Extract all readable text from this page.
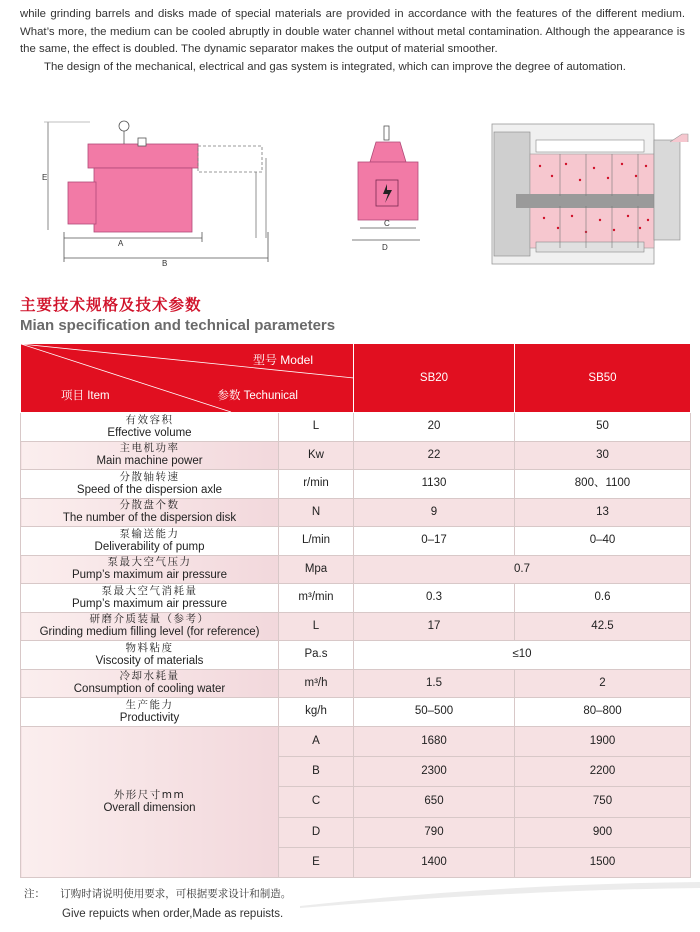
while grinding barrels and disks made of special materials are provided in accordance with the features of the different medium. What’s more, the medium can be cooled abruptly in double water channel without metal contamination. Although the appearance is the same, the effect is doubled. The dynamic separator makes the output of material smoother.

The design of the mechanical, electrical and gas system is integrated, which can improve the degree of automation.

E
A
B
C
D
主要技术规格及技术参数
Mian specification and technical parameters
型号 Model
项目 Item 参数 Techunical		SB20	SB50

有效容积
Effective volume	L	20	50

主电机功率
Main machine power	Kw	22	30

分散轴转速
Speed of the dispersion axle	r/min	1130	800、1100

分散盘个数
The number of the dispersion disk	N	9	13

泵输送能力
Deliverability of pump	L/min	0–17	0–40

泵最大空气压力
Pump’s maximum air pressure	Mpa	0.7	

泵最大空气消耗量
Pump’s maximum air pressure	m³/min	0.3	0.6

研磨介质装量（参考）
Grinding medium filling level (for reference)	L	17	42.5

物料粘度
Viscosity of materials	Pa.s	≤10	

冷却水耗量
Consumption of cooling water	m³/h	1.5	2

生产能力
Productivity	kg/h	50–500	80–800

外形尺寸mm
Overall dimension	A	1680	1900
	B	2300	2200
	C	650	750
	D	790	900
	E	1400	1500
注： 订购时请说明使用要求，可根据要求设计和制造。
Give repuicts when order,Made as repuists.
